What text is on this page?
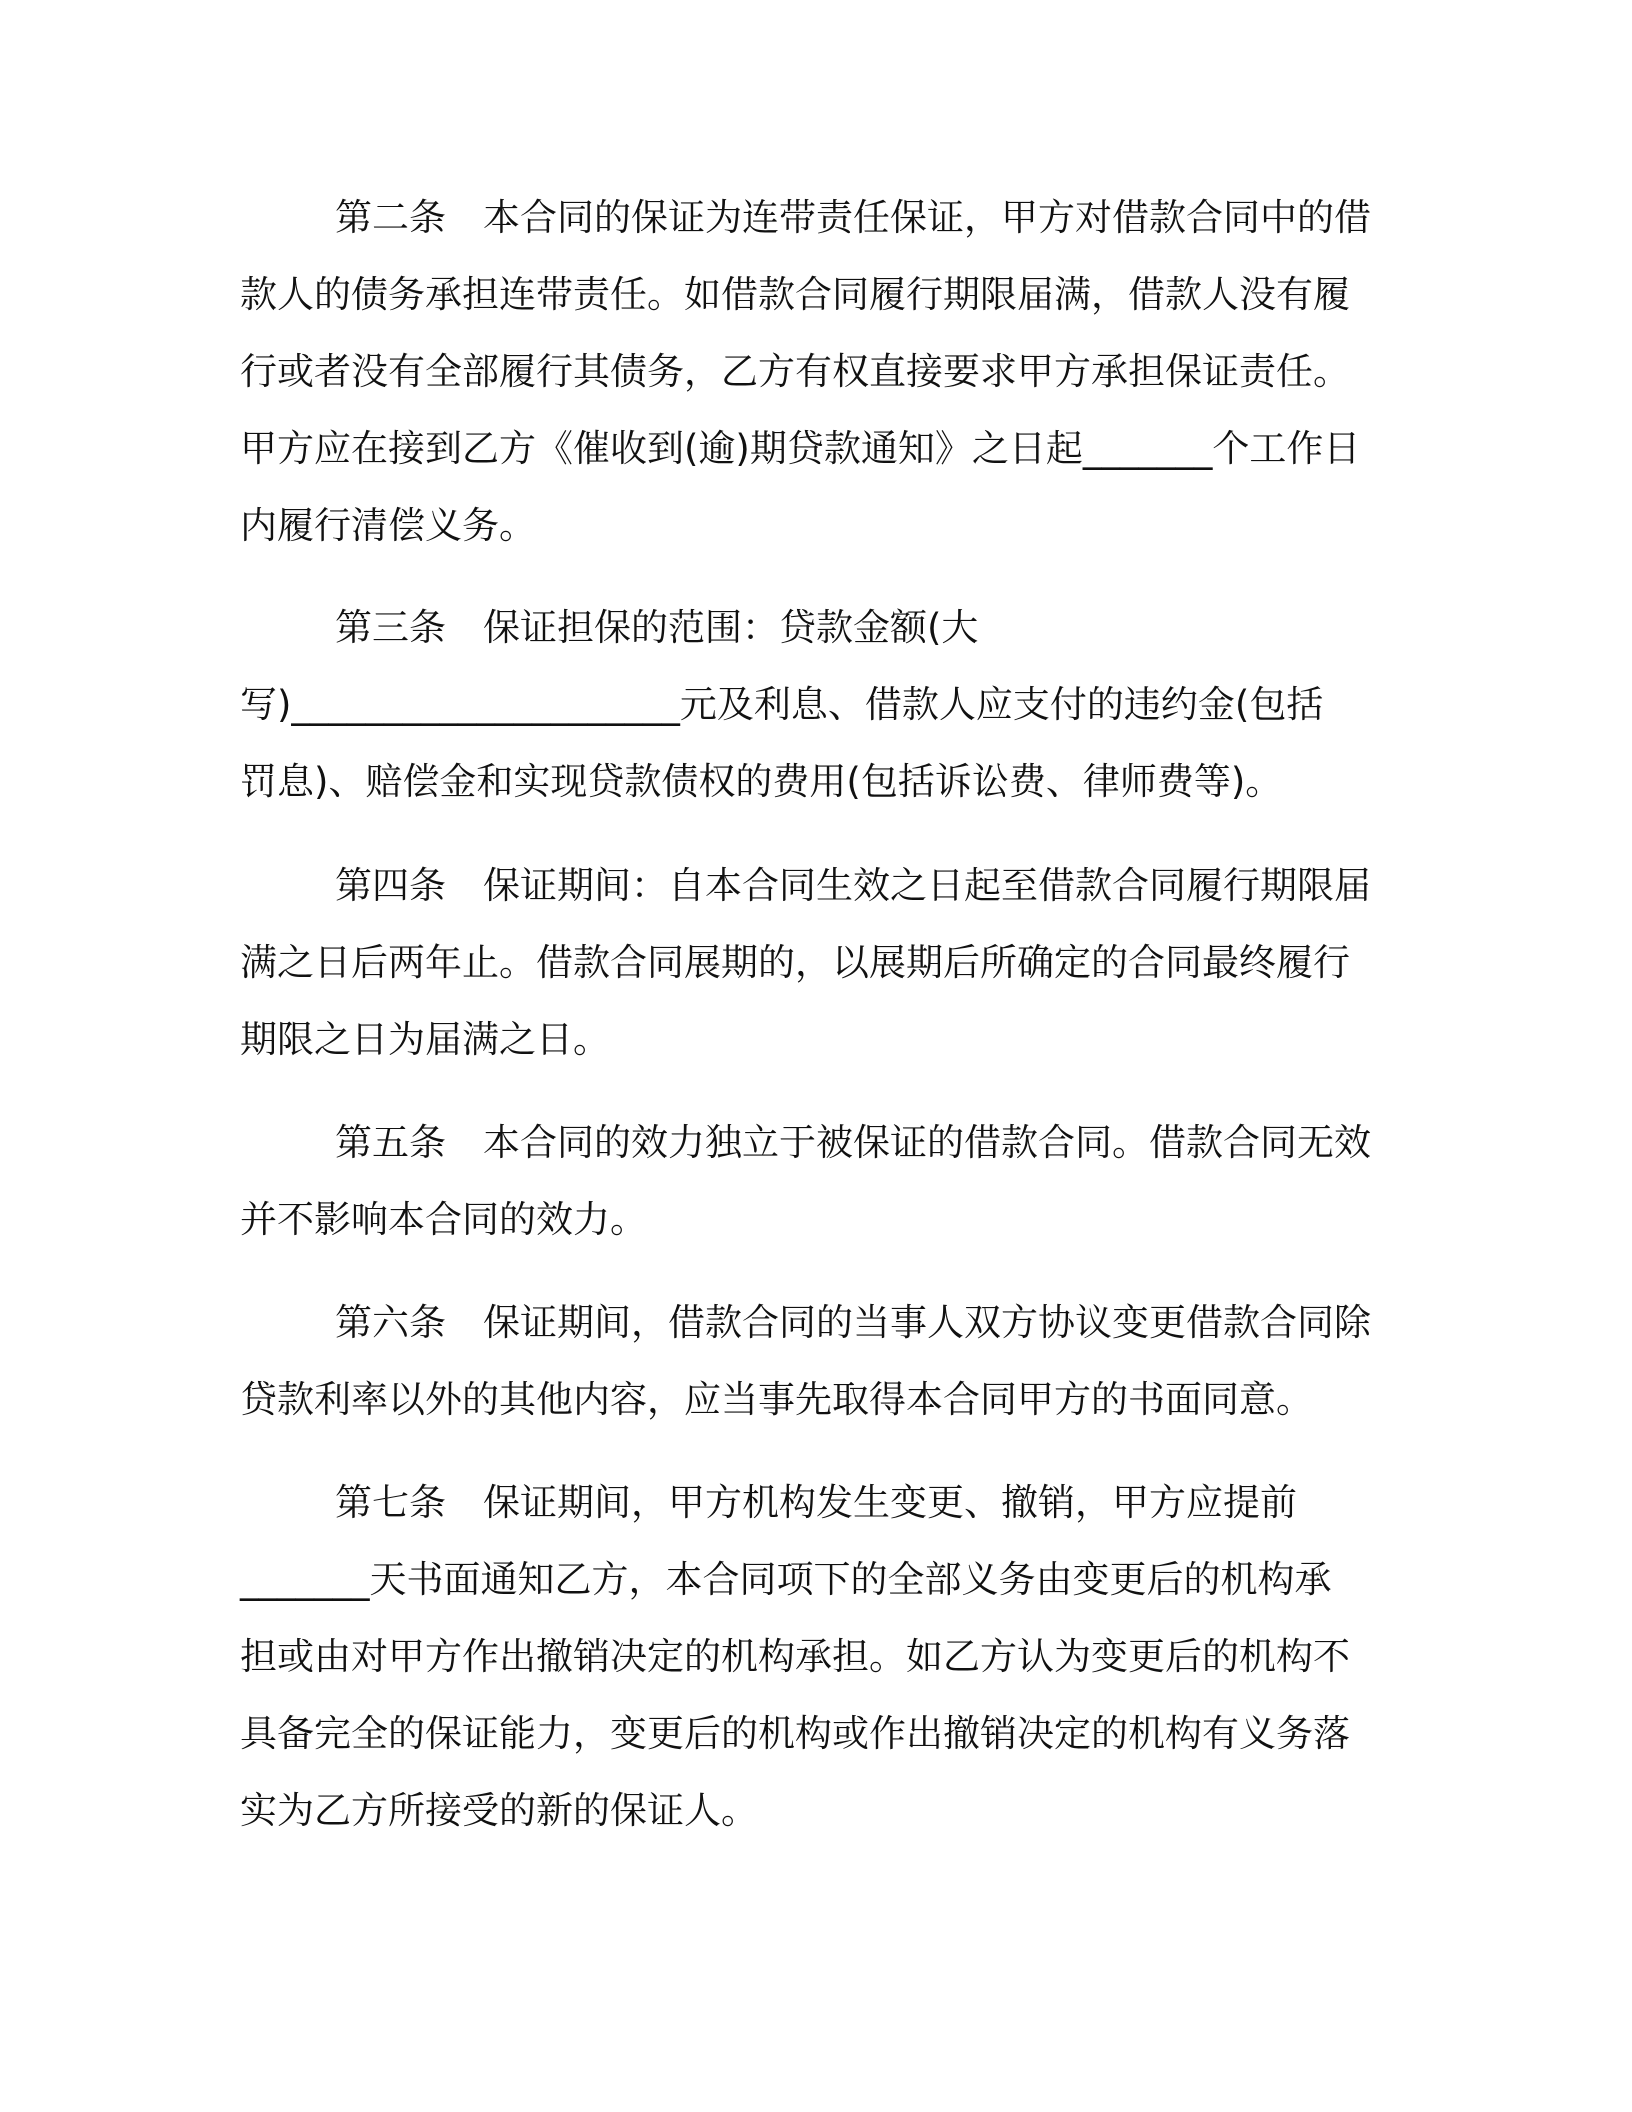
第二条　本合同的保证为连带责任保证，甲方对借款合同中的借
款人的债务承担连带责任。如借款合同履行期限届满，借款人没有履
行或者没有全部履行其债务，乙方有权直接要求甲方承担保证责任。
甲方应在接到乙方《催收到(逾)期贷款通知》之日起_______个工作日
内履行清偿义务。
第三条　保证担保的范围：贷款金额(大
写)_____________________元及利息、借款人应支付的违约金(包括
罚息)、赔偿金和实现贷款债权的费用(包括诉讼费、律师费等)。
第四条　保证期间：自本合同生效之日起至借款合同履行期限届
满之日后两年止。借款合同展期的，以展期后所确定的合同最终履行
期限之日为届满之日。
第五条　本合同的效力独立于被保证的借款合同。借款合同无效
并不影响本合同的效力。
第六条　保证期间，借款合同的当事人双方协议变更借款合同除
贷款利率以外的其他内容，应当事先取得本合同甲方的书面同意。
第七条　保证期间，甲方机构发生变更、撤销，甲方应提前
_______天书面通知乙方，本合同项下的全部义务由变更后的机构承
担或由对甲方作出撤销决定的机构承担。如乙方认为变更后的机构不
具备完全的保证能力，变更后的机构或作出撤销决定的机构有义务落
实为乙方所接受的新的保证人。
